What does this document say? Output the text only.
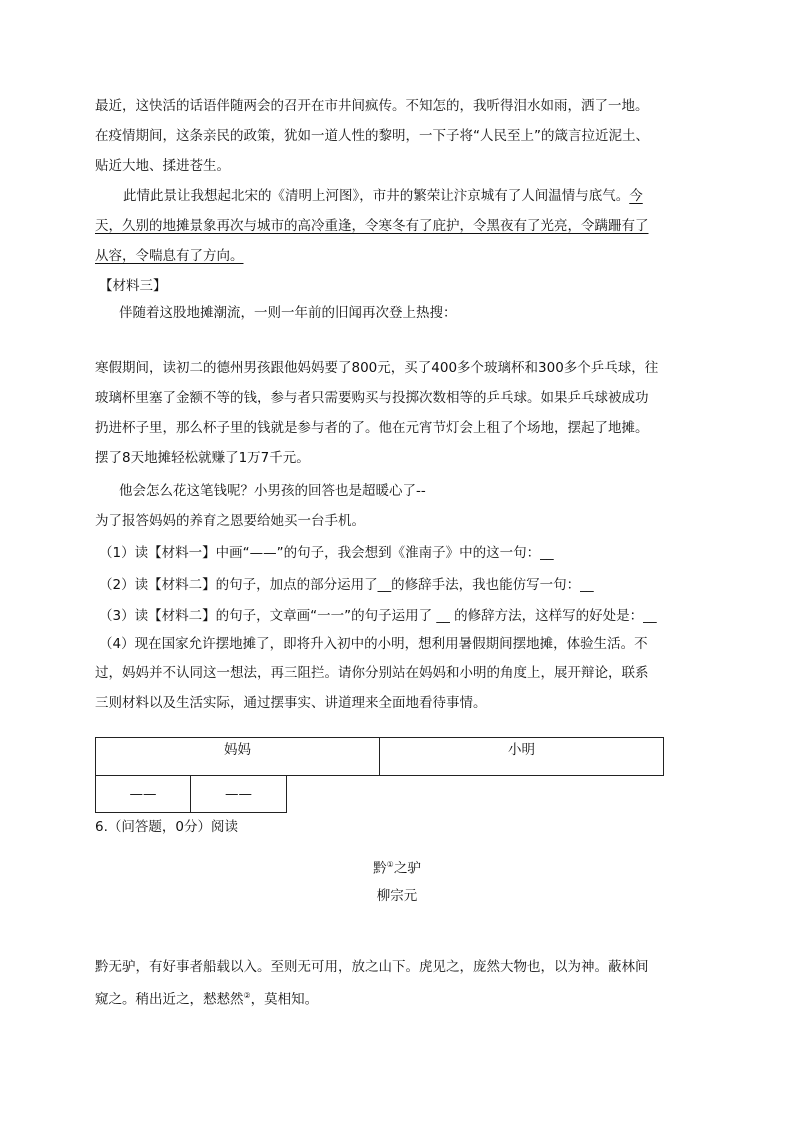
最近，这快活的话语伴随两会的召开在市井间疯传。不知怎的，我听得泪水如雨，洒了一地。
在疫情期间，这条亲民的政策，犹如一道人性的黎明，一下子将“人民至上”的箴言拉近泥土、
贴近大地、揉进苍生。
此情此景让我想起北宋的《清明上河图》，市井的繁荣让汴京城有了人间温情与底气。今
天，久别的地摊景象再次与城市的高冷重逢，令寒冬有了庇护，令黑夜有了光亮，令蹒跚有了
从容，令喘息有了方向。
【材料三】
伴随着这股地摊潮流，一则一年前的旧闻再次登上热搜：
寒假期间，读初二的德州男孩跟他妈妈要了800元，买了400多个玻璃杯和300多个乒乓球，往
玻璃杯里塞了金额不等的钱，参与者只需要购买与投掷次数相等的乒乓球。如果乒乓球被成功
扔进杯子里，那么杯子里的钱就是参与者的了。他在元宵节灯会上租了个场地，摆起了地摊。
摆了8天地摊轻松就赚了1万7千元。
他会怎么花这笔钱呢？小男孩的回答也是超暖心了--
为了报答妈妈的养育之恩要给她买一台手机。
（1）读【材料一】中画“——”的句子，我会想到《淮南子》中的这一句：__
（2）读【材料二】的句子，加点的部分运用了__的修辞手法，我也能仿写一句：__
（3）读【材料二】的句子，文章画“一一”的句子运用了 __ 的修辞方法，这样写的好处是：__
（4）现在国家允许摆地摊了，即将升入初中的小明，想利用暑假期间摆地摊，体验生活。不
过，妈妈并不认同这一想法，再三阻拦。请你分别站在妈妈和小明的角度上，展开辩论，联系
三则材料以及生活实际，通过摆事实、讲道理来全面地看待事情。
妈妈	小明
——	——
6.（问答题，0分）阅读
黔①之驴
柳宗元
黔无驴，有好事者船载以入。至则无可用，放之山下。虎见之，庞然大物也，以为神。蔽林间
窥之。稍出近之，慭慭然②，莫相知。
